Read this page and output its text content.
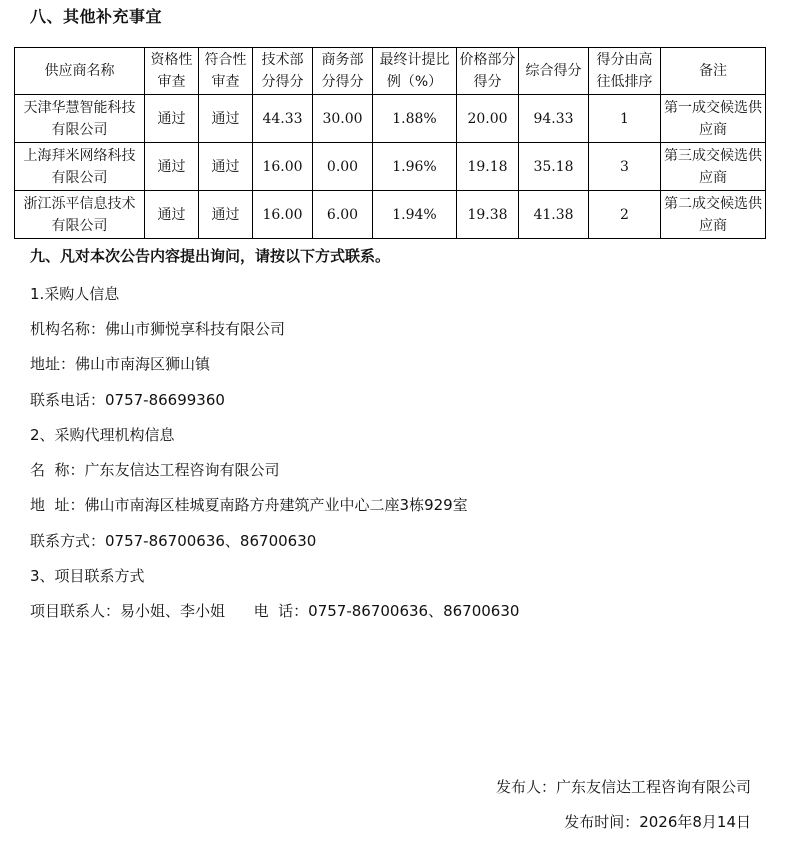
八、其他补充事宜
供应商名称	资格性审查	符合性审查	技术部分得分	商务部分得分	最终计提比例（%）	价格部分得分	综合得分	得分由高往低排序	备注
天津华慧智能科技有限公司	通过	通过	44.33	30.00	1.88%	20.00	94.33	1	第一成交候选供应商
上海拜米网络科技有限公司	通过	通过	16.00	0.00	1.96%	19.18	35.18	3	第三成交候选供应商
浙江泺平信息技术有限公司	通过	通过	16.00	6.00	1.94%	19.38	41.38	2	第二成交候选供应商
九、凡对本次公告内容提出询问，请按以下方式联系。
1.采购人信息
机构名称：佛山市狮悦享科技有限公司
地址：佛山市南海区狮山镇
联系电话：0757-86699360
2、采购代理机构信息
名  称：广东友信达工程咨询有限公司
地  址：佛山市南海区桂城夏南路方舟建筑产业中心二座3栋929室
联系方式：0757-86700636、86700630
3、项目联系方式
项目联系人：易小姐、李小姐      电  话：0757-86700636、86700630
发布人：广东友信达工程咨询有限公司
发布时间：2026年8月14日
